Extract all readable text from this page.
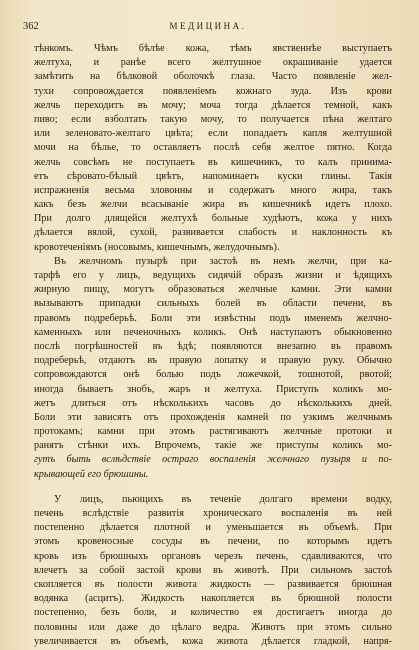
362	МЕДИЦИНА.
тѣнкомъ. Чѣмъ бѣлѣе кожа, тѣмъ явственнѣе выступаетъ
желтуха, и ранѣе всего желтушное окрашиваніе удается
замѣтить на бѣлковой оболочкѣ глаза. Часто появленіе жел-
тухи сопровождается появленіемъ кожнаго зуда. Изъ крови
желчь переходитъ въ мочу; моча тогда дѣлается темной, какъ
пиво; если взболтать такую мочу, то получается пѣна желтаго
или зеленовато-желтаго цвѣта; если попадаетъ капля желтушной
мочи на бѣлье, то оставляетъ послѣ себя желтое пятно. Когда
желчь совсѣмъ не поступаетъ въ кишечникъ, то калъ принима-
етъ сѣровато-бѣлый цвѣтъ, напоминаетъ куски глины. Такія
испражненія весьма зловонны и содержатъ много жира, такъ
какъ безъ желчи всасываніе жира въ кишечникѣ идетъ плохо.
При долго длящейся желтухѣ больные худѣютъ, кожа у нихъ
дѣлается вялой, сухой, развивается слабость и наклонность къ
кровотеченіямъ (носовымъ, кишечнымъ, желудочнымъ).
Въ желчномъ пузырѣ при застоѣ въ немъ желчи, при ка-
тарфѣ его у лицъ, ведущихъ сидячій образъ жизни и ѣдящихъ
жирную пищу, могутъ образоваться желчные камни. Эти камни
вызываютъ припадки сильныхъ болей въ области печени, въ
правомъ подреберьѣ. Боли эти извѣстны подъ именемъ желчно-
каменныхъ или печеночныхъ коликъ. Онѣ наступаютъ обыкновенно
послѣ погрѣшностей въ ѣдѣ; появляются внезапно въ правомъ
подреберьѣ, отдаютъ въ правую лопатку и правую руку. Обычно
сопровождаются онѣ болью подъ ложечкой, тошнотой, рвотой;
иногда бываетъ знобъ, жаръ и желтуха. Приступъ коликъ мо-
жетъ длиться отъ нѣсколькихъ часовъ до нѣсколькихъ дней.
Боли эти зависятъ отъ прохожденія камней по узкимъ желчнымъ
протокамъ; камни при этомъ растягиваютъ желчные протоки и
ранятъ стѣнки ихъ. Впрочемъ, такіе же приступы коликъ мо-
гутъ быть вслѣдствіе остраго воспаленія желчнаго пузыря и по-
крывающей его брюшины.
У лицъ, пьющихъ въ теченіе долгаго времени водку,
печень вслѣдствіе развитія хроническаго воспаленія въ ней
постепенно дѣлается плотной и уменьшается въ объемѣ. При
этомъ кровеносные сосуды въ печени, по которымъ идетъ
кровь изъ брюшныхъ органовъ черезъ печень, сдавливаются, что
влечетъ за собой застой крови въ животѣ. При сильномъ застоѣ
скопляется въ полости живота жидкость — развивается брюшная
водянка (асцитъ). Жидкость накопляется въ брюшной полости
постепенно, безъ боли, и количество ея достигаетъ иногда до
половины или даже до цѣлаго ведра. Животъ при этомъ сильно
увеличивается въ объемѣ, кожа живота дѣлается гладкой, напря-
